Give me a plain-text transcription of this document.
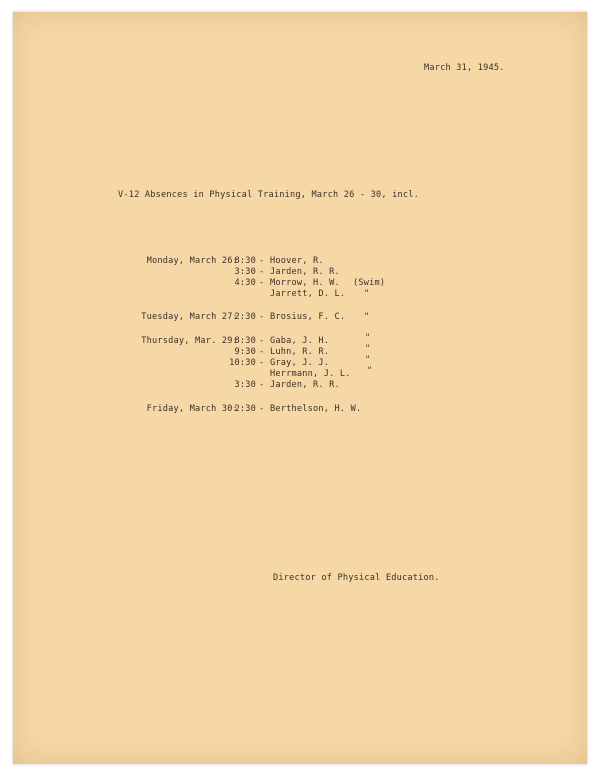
March 31, 1945.
V-12 Absences in Physical Training, March 26 - 30, incl.
Monday, March 26:
8:30 - Hoover, R.
3:30 - Jarden, R. R.
4:30 - Morrow, H. W. (Swim)
Jarrett, D. L. "
Tuesday, March 27:
2:30 - Brosius, F. C. "
Thursday, Mar. 29:
8:30 - Gaba, J. H.	"
9:30 - Luhn, R. R.	"
10:30 - Gray, J. J.	"
Herrmann, J. L. "
3:30 - Jarden, R. R.
Friday, March 30:
2:30 - Berthelson, H. W.
Director of Physical Education.
